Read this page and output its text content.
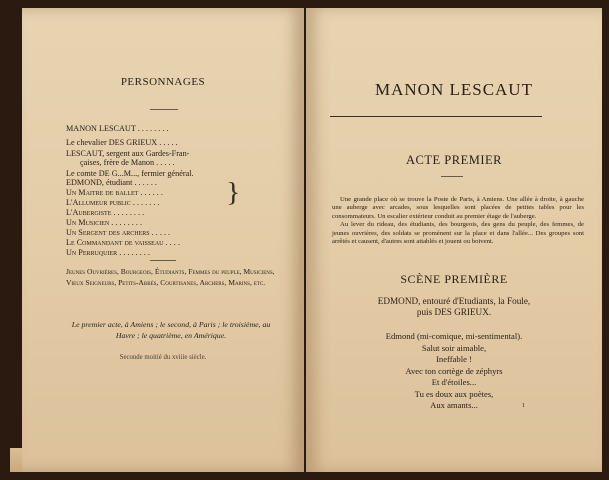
PERSONNAGES
MANON LESCAUT . . . . . . . .
Le chevalier DES GRIEUX . . . . .
LESCAUT, sergent aux Gardes-Fran-
çaises, frère de Manon . . . . .
Le comte DE G...M..., fermier général.
EDMOND, étudiant . . . . . .
Un Maitre de ballet . . . . . .
L'Allumeur public . . . . . . .
L'Aubergiste . . . . . . . .
Un Musicien . . . . . . . .
Un Sergent des archers . . . . .
Le Commandant de vaisseau . . . .
Un Perruquier . . . . . . . .
}
Jeunes Ouvrières, Bourgeois, Étudiants, Femmes du peuple, Musiciens, Vieux Seigneurs, Petits-Abbés, Courtisanes, Archers, Marins, etc.
Le premier acte, à Amiens ; le second, à Paris ; le troisième, au Havre ; le quatrième, en Amérique.
Seconde moitié du xviiie siècle.
MANON LESCAUT
ACTE PREMIER

Une grande place où se trouve la Poste de Paris, à Amiens. Une allée à droite, à gauche une auberge avec arcades, sous lesquelles sont placées de petites tables pour les consommateurs. Un escalier extérieur conduit au premier étage de l'auberge.

Au lever du rideau, des étudiants, des bourgeois, des gens du peuple, des femmes, de jeunes ouvrières, des soldats se promènent sur la place et dans l'allée... Des groupes sont arrêtés et causent, d'autres sont attablés et jouent ou boivent.

SCÈNE PREMIÈRE
EDMOND, entouré d'Etudiants, la Foule,
puis DES GRIEUX.
Edmond (mi-comique, mi-sentimental).
Salut soir aimable,
Ineffable !
Avec ton cortège de zéphyrs
Et d'étoiles...
Tu es doux aux poètes,
Aux amants...	1
